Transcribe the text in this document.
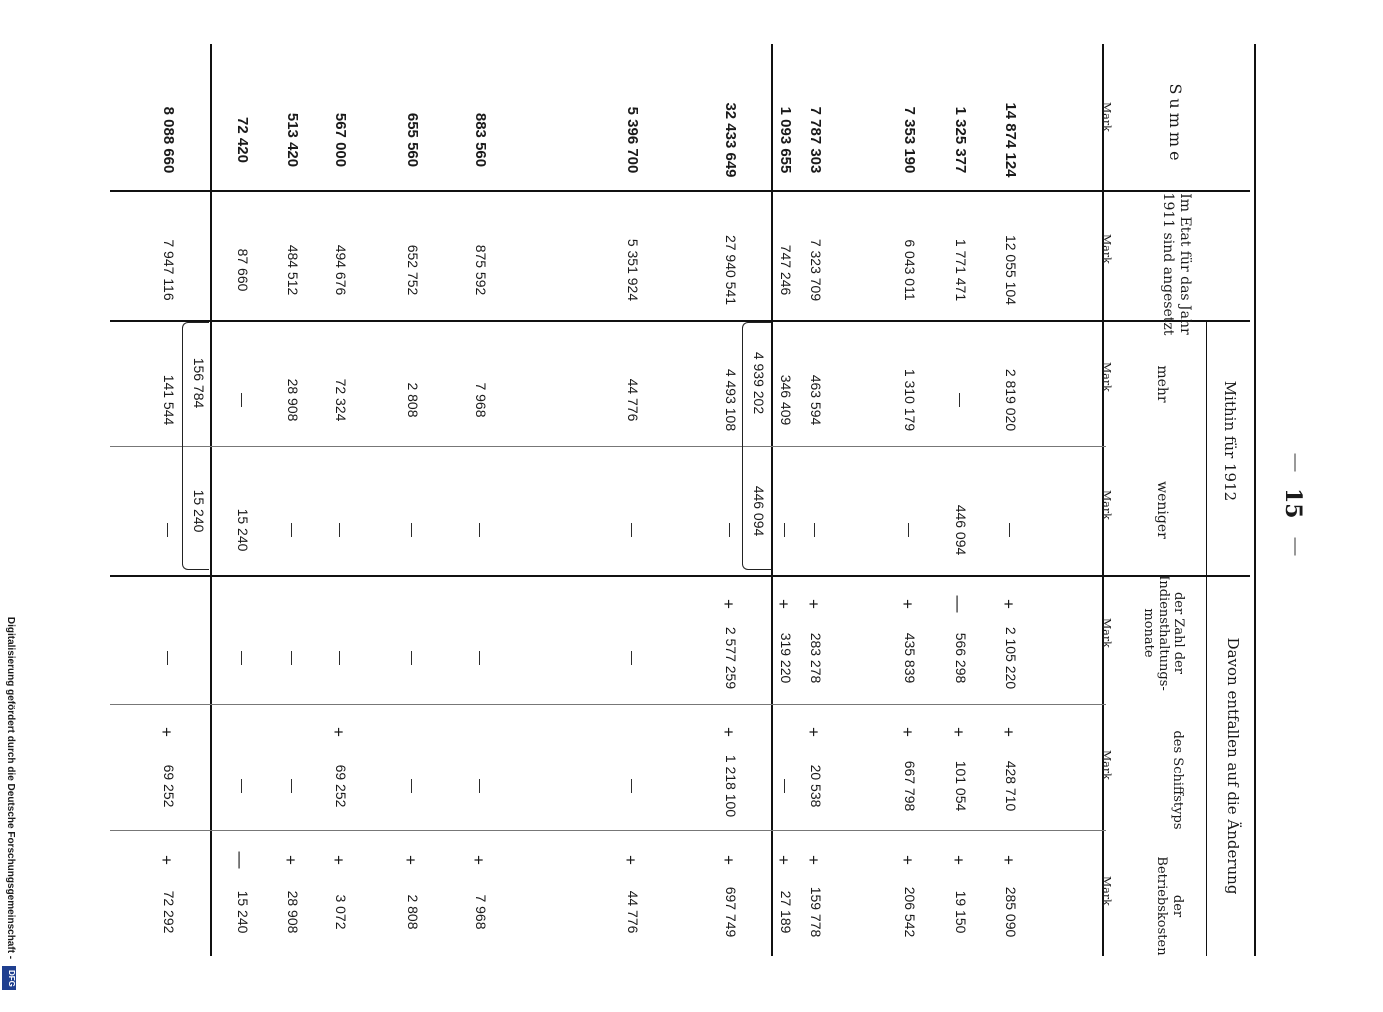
15
Summe
Mark
Im Etat für das Jahr 1911 sind angesetzt
Mark
Mithin für 1912
mehr
Mark
weniger
Mark
Davon entfallen auf die Änderung
der Zahl der Indiensthaltungs-monate
Mark
des Schiffstyps
Mark
der Betriebskosten
Mark
14 874 124
12 055 104
2 819 020
—
2 105 220
428 710
285 090
+
+
+
1 325 377
1 771 471
—
446 094
566 298
101 054
19 150
—
+
+
7 353 190
6 043 011
1 310 179
—
435 839
667 798
206 542
+
+
+
7 787 303
7 323 709
463 594
—
283 278
20 538
159 778
+
+
+
1 093 655
747 246
346 409
—
319 220
—
27 189
+
+
32 433 649
27 940 541
4 493 108
—
2 577 259
1 218 100
697 749
+
+
+
5 396 700
5 351 924
44 776
—
—
—
44 776
+
883 560
875 592
7 968
—
—
—
7 968
+
655 560
652 752
2 808
—
—
—
2 808
+
567 000
494 676
72 324
—
—
69 252
3 072
+
+
513 420
484 512
28 908
—
—
—
28 908
+
72 420
87 660
—
15 240
—
—
15 240
—
8 088 660
7 947 116
141 544
—
—
69 252
72 292
+
+
4 939 202
446 094
156 784
15 240
Digitalisierung gefördert durch die Deutsche Forschungsgemeinschaft -
DFG
